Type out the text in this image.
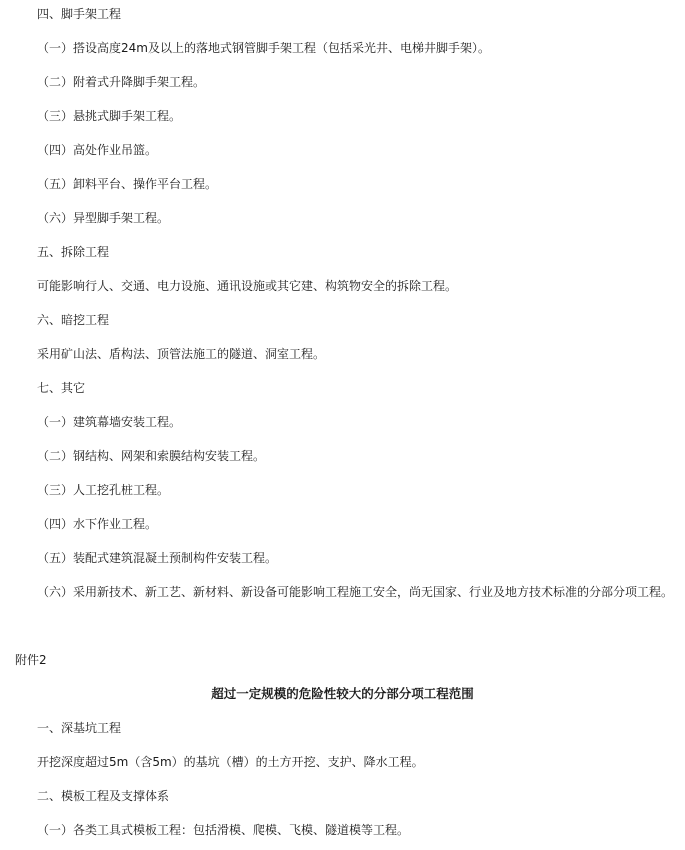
四、脚手架工程
（一）搭设高度24m及以上的落地式钢管脚手架工程（包括采光井、电梯井脚手架）。
（二）附着式升降脚手架工程。
（三）悬挑式脚手架工程。
（四）高处作业吊篮。
（五）卸料平台、操作平台工程。
（六）异型脚手架工程。
五、拆除工程
可能影响行人、交通、电力设施、通讯设施或其它建、构筑物安全的拆除工程。
六、暗挖工程
采用矿山法、盾构法、顶管法施工的隧道、洞室工程。
七、其它
（一）建筑幕墙安装工程。
（二）钢结构、网架和索膜结构安装工程。
（三）人工挖孔桩工程。
（四）水下作业工程。
（五）装配式建筑混凝土预制构件安装工程。
（六）采用新技术、新工艺、新材料、新设备可能影响工程施工安全，尚无国家、行业及地方技术标准的分部分项工程。
附件2
超过一定规模的危险性较大的分部分项工程范围
一、深基坑工程
开挖深度超过5m（含5m）的基坑（槽）的土方开挖、支护、降水工程。
二、模板工程及支撑体系
（一）各类工具式模板工程：包括滑模、爬模、飞模、隧道模等工程。
